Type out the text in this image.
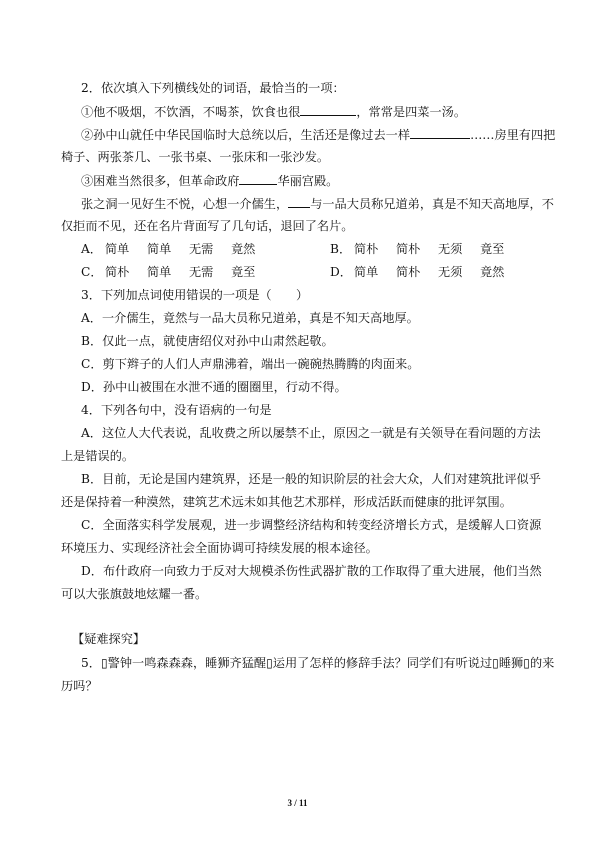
2．依次填入下列横线处的词语，最恰当的一项：
①他不吸烟，不饮酒，不喝茶，饮食也很	，常常是四菜一汤。
②孙中山就任中华民国临时大总统以后，生活还是像过去一样	……房里有四把
椅子、两张茶几、一张书桌、一张床和一张沙发。
③困难当然很多，但革命政府	华丽宫殿。
张之洞一见好生不悦，心想一介儒生， 与一品大员称兄道弟，真是不知天高地厚，不
仅拒而不见，还在名片背面写了几句话，退回了名片。
A． 简单 简单 无需 竟然	B． 简朴 简朴 无须 竟至
C． 简朴 简单 无需 竟至	D． 简单 简朴 无须 竟然
3．下列加点词使用错误的一项是（　　）
A．一介儒生，竟然与一品大员称兄道弟，真是不知天高地厚。
B．仅此一点，就使唐绍仪对孙中山肃然起敬。
C．剪下辫子的人们人声鼎沸着，端出一碗碗热腾腾的肉面来。
D．孙中山被围在水泄不通的圈圈里，行动不得。
4．下列各句中，没有语病的一句是
A．这位人大代表说，乱收费之所以屡禁不止，原因之一就是有关领导在看问题的方法
上是错误的。
B．目前，无论是国内建筑界，还是一般的知识阶层的社会大众，人们对建筑批评似乎
还是保持着一种漠然，建筑艺术远未如其他艺术那样，形成活跃而健康的批评氛围。
C．全面落实科学发展观，进一步调整经济结构和转变经济增长方式，是缓解人口资源
环境压力、实现经济社会全面协调可持续发展的根本途径。
D．布什政府一向致力于反对大规模杀伤性武器扩散的工作取得了重大进展，他们当然
可以大张旗鼓地炫耀一番。
【疑难探究】
5．▯警钟一鸣森森森，睡狮齐猛醒▯运用了怎样的修辞手法？同学们有听说过▯睡狮▯的来
历吗？
3 / 11
